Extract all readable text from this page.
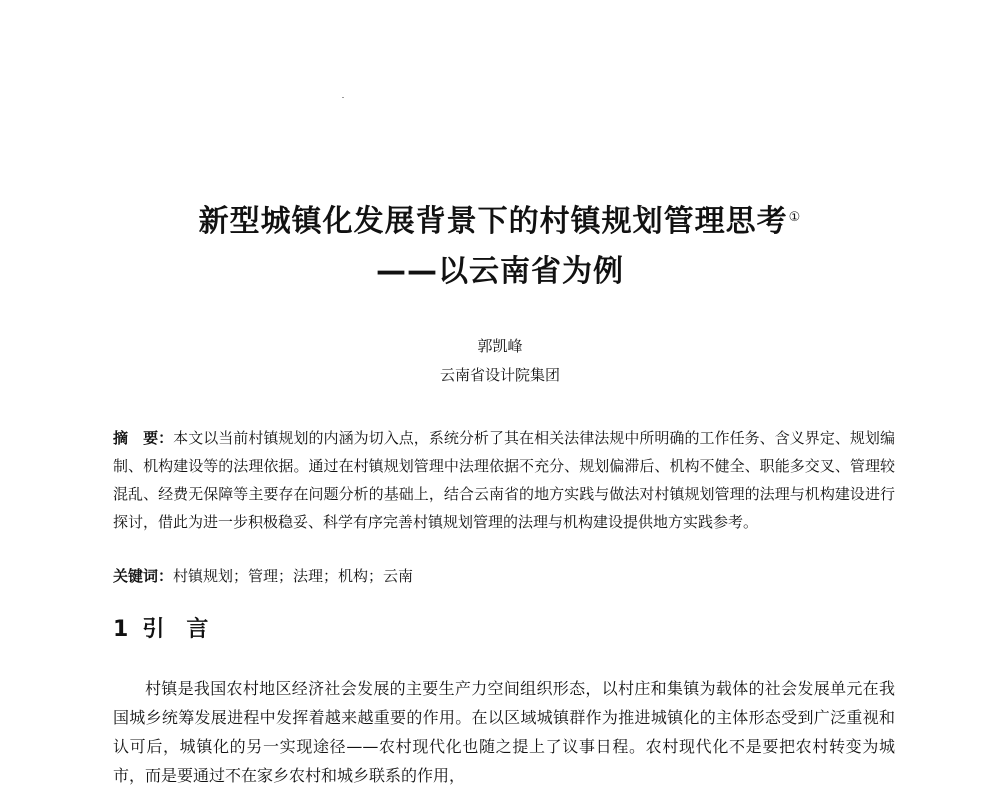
新型城镇化发展背景下的村镇规划管理思考①
——以云南省为例
郭凯峰
云南省设计院集团
摘　要：本文以当前村镇规划的内涵为切入点，系统分析了其在相关法律法规中所明确的工作任务、含义界定、规划编制、机构建设等的法理依据。通过在村镇规划管理中法理依据不充分、规划偏滞后、机构不健全、职能多交叉、管理较混乱、经费无保障等主要存在问题分析的基础上，结合云南省的地方实践与做法对村镇规划管理的法理与机构建设进行探讨，借此为进一步积极稳妥、科学有序完善村镇规划管理的法理与机构建设提供地方实践参考。
关键词：村镇规划；管理；法理；机构；云南
1 引　言

村镇是我国农村地区经济社会发展的主要生产力空间组织形态，以村庄和集镇为载体的社会发展单元在我国城乡统筹发展进程中发挥着越来越重要的作用。在以区域城镇群作为推进城镇化的主体形态受到广泛重视和认可后，城镇化的另一实现途径——农村现代化也随之提上了议事日程。农村现代化不是要把农村转变为城市，而是要通过不在家乡农村和城乡联系的作用，
